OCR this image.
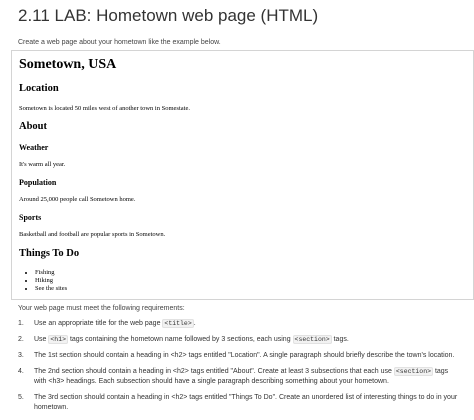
2.11 LAB: Hometown web page (HTML)
Create a web page about your hometown like the example below.
Sometown, USA
Location
Sometown is located 50 miles west of another town in Somestate.
About
Weather
It's warm all year.
Population
Around 25,000 people call Sometown home.
Sports
Basketball and football are popular sports in Sometown.
Things To Do
• Fishing
• Hiking
• See the sites
Your web page must meet the following requirements:
1. Use an appropriate title for the web page <title> .
2. Use <h1> tags containing the hometown name followed by 3 sections, each using <section> tags.
3. The 1st section should contain a heading in <h2> tags entitled "Location". A single paragraph should briefly describe the town's location.
4. The 2nd section should contain a heading in <h2> tags entitled "About". Create at least 3 subsections that each use <section> tags with <h3> headings. Each subsection should have a single paragraph describing something about your hometown.
5. The 3rd section should contain a heading in <h2> tags entitled "Things To Do". Create an unordered list of interesting things to do in your hometown.
